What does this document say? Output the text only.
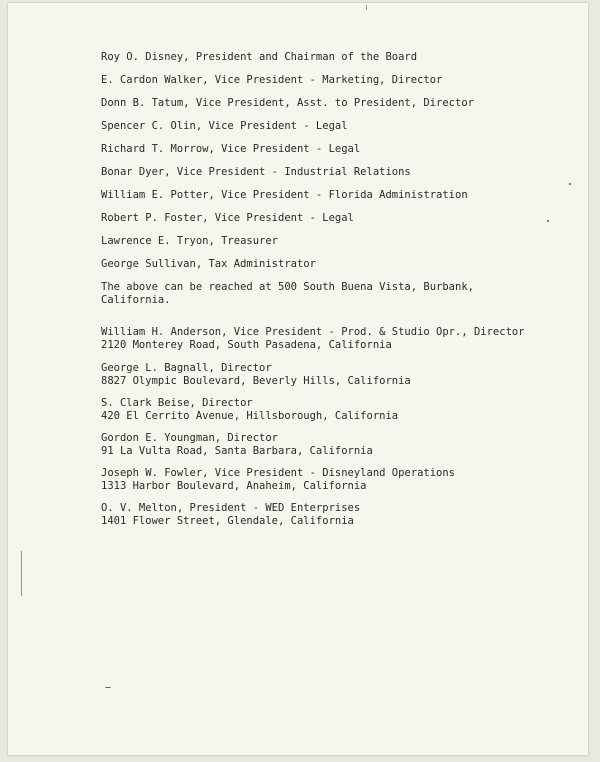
Roy O. Disney, President and Chairman of the Board

E. Cardon Walker, Vice President - Marketing, Director

Donn B. Tatum, Vice President, Asst. to President, Director

Spencer C. Olin, Vice President - Legal

Richard T. Morrow, Vice President - Legal

Bonar Dyer, Vice President - Industrial Relations

William E. Potter, Vice President - Florida Administration

Robert P. Foster, Vice President - Legal

Lawrence E. Tryon, Treasurer

George Sullivan, Tax Administrator

The above can be reached at 500 South Buena Vista, Burbank,

California.

William H. Anderson, Vice President - Prod. & Studio Opr., Director

2120 Monterey Road, South Pasadena, California

George L. Bagnall, Director

8827 Olympic Boulevard, Beverly Hills, California

S. Clark Beise, Director

420 El Cerrito Avenue, Hillsborough, California

Gordon E. Youngman, Director

91 La Vulta Road, Santa Barbara, California

Joseph W. Fowler, Vice President - Disneyland Operations

1313 Harbor Boulevard, Anaheim, California

O. V. Melton, President - WED Enterprises

1401 Flower Street, Glendale, California
